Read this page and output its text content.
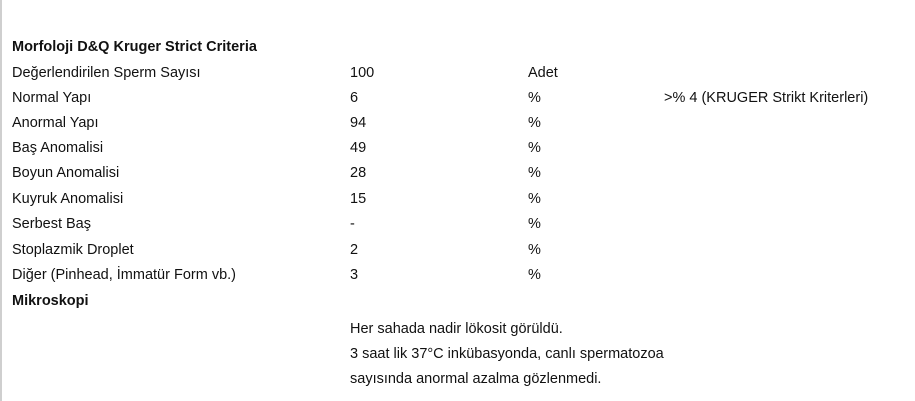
Morfoloji D&Q Kruger Strict Criteria
Değerlendirilen Sperm Sayısı	100	Adet
Normal Yapı	6	%	>% 4 (KRUGER Strikt Kriterleri)
Anormal Yapı	94	%
Baş Anomalisi	49	%
Boyun Anomalisi	28	%
Kuyruk Anomalisi	15	%
Serbest Baş	-	%
Stoplazmik Droplet	2	%
Diğer (Pinhead, İmmatür Form vb.)	3	%
Mikroskopi
Her sahada nadir lökosit görüldü.
3 saat lik 37°C inkübasyonda, canlı spermatozoa
sayısında anormal azalma gözlenmedi.
